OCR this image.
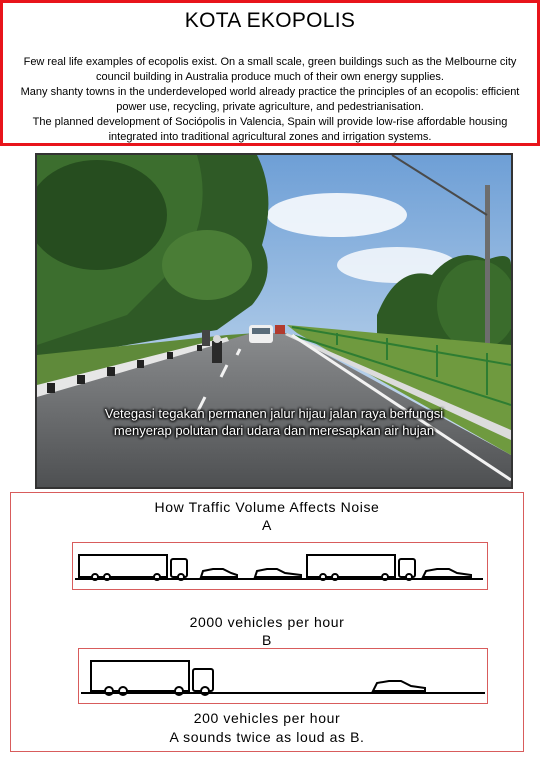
KOTA EKOPOLIS

Few real life examples of ecopolis exist. On a small scale, green buildings such as the Melbourne city council building in Australia produce much of their own energy supplies.

Many shanty towns in the underdeveloped world already practice the principles of an ecopolis: efficient power use, recycling, private agriculture, and pedestrianisation.

The planned development of Sociópolis in Valencia, Spain will provide low-rise affordable housing integrated into traditional agricultural zones and irrigation systems.

Vetegasi tegakan permanen jalur hijau jalan raya berfungsi

menyerap polutan dari udara dan meresapkan air hujan

How Traffic Volume Affects Noise

A

2000 vehicles per hour

B

200 vehicles per hour

A sounds twice as loud as B.
